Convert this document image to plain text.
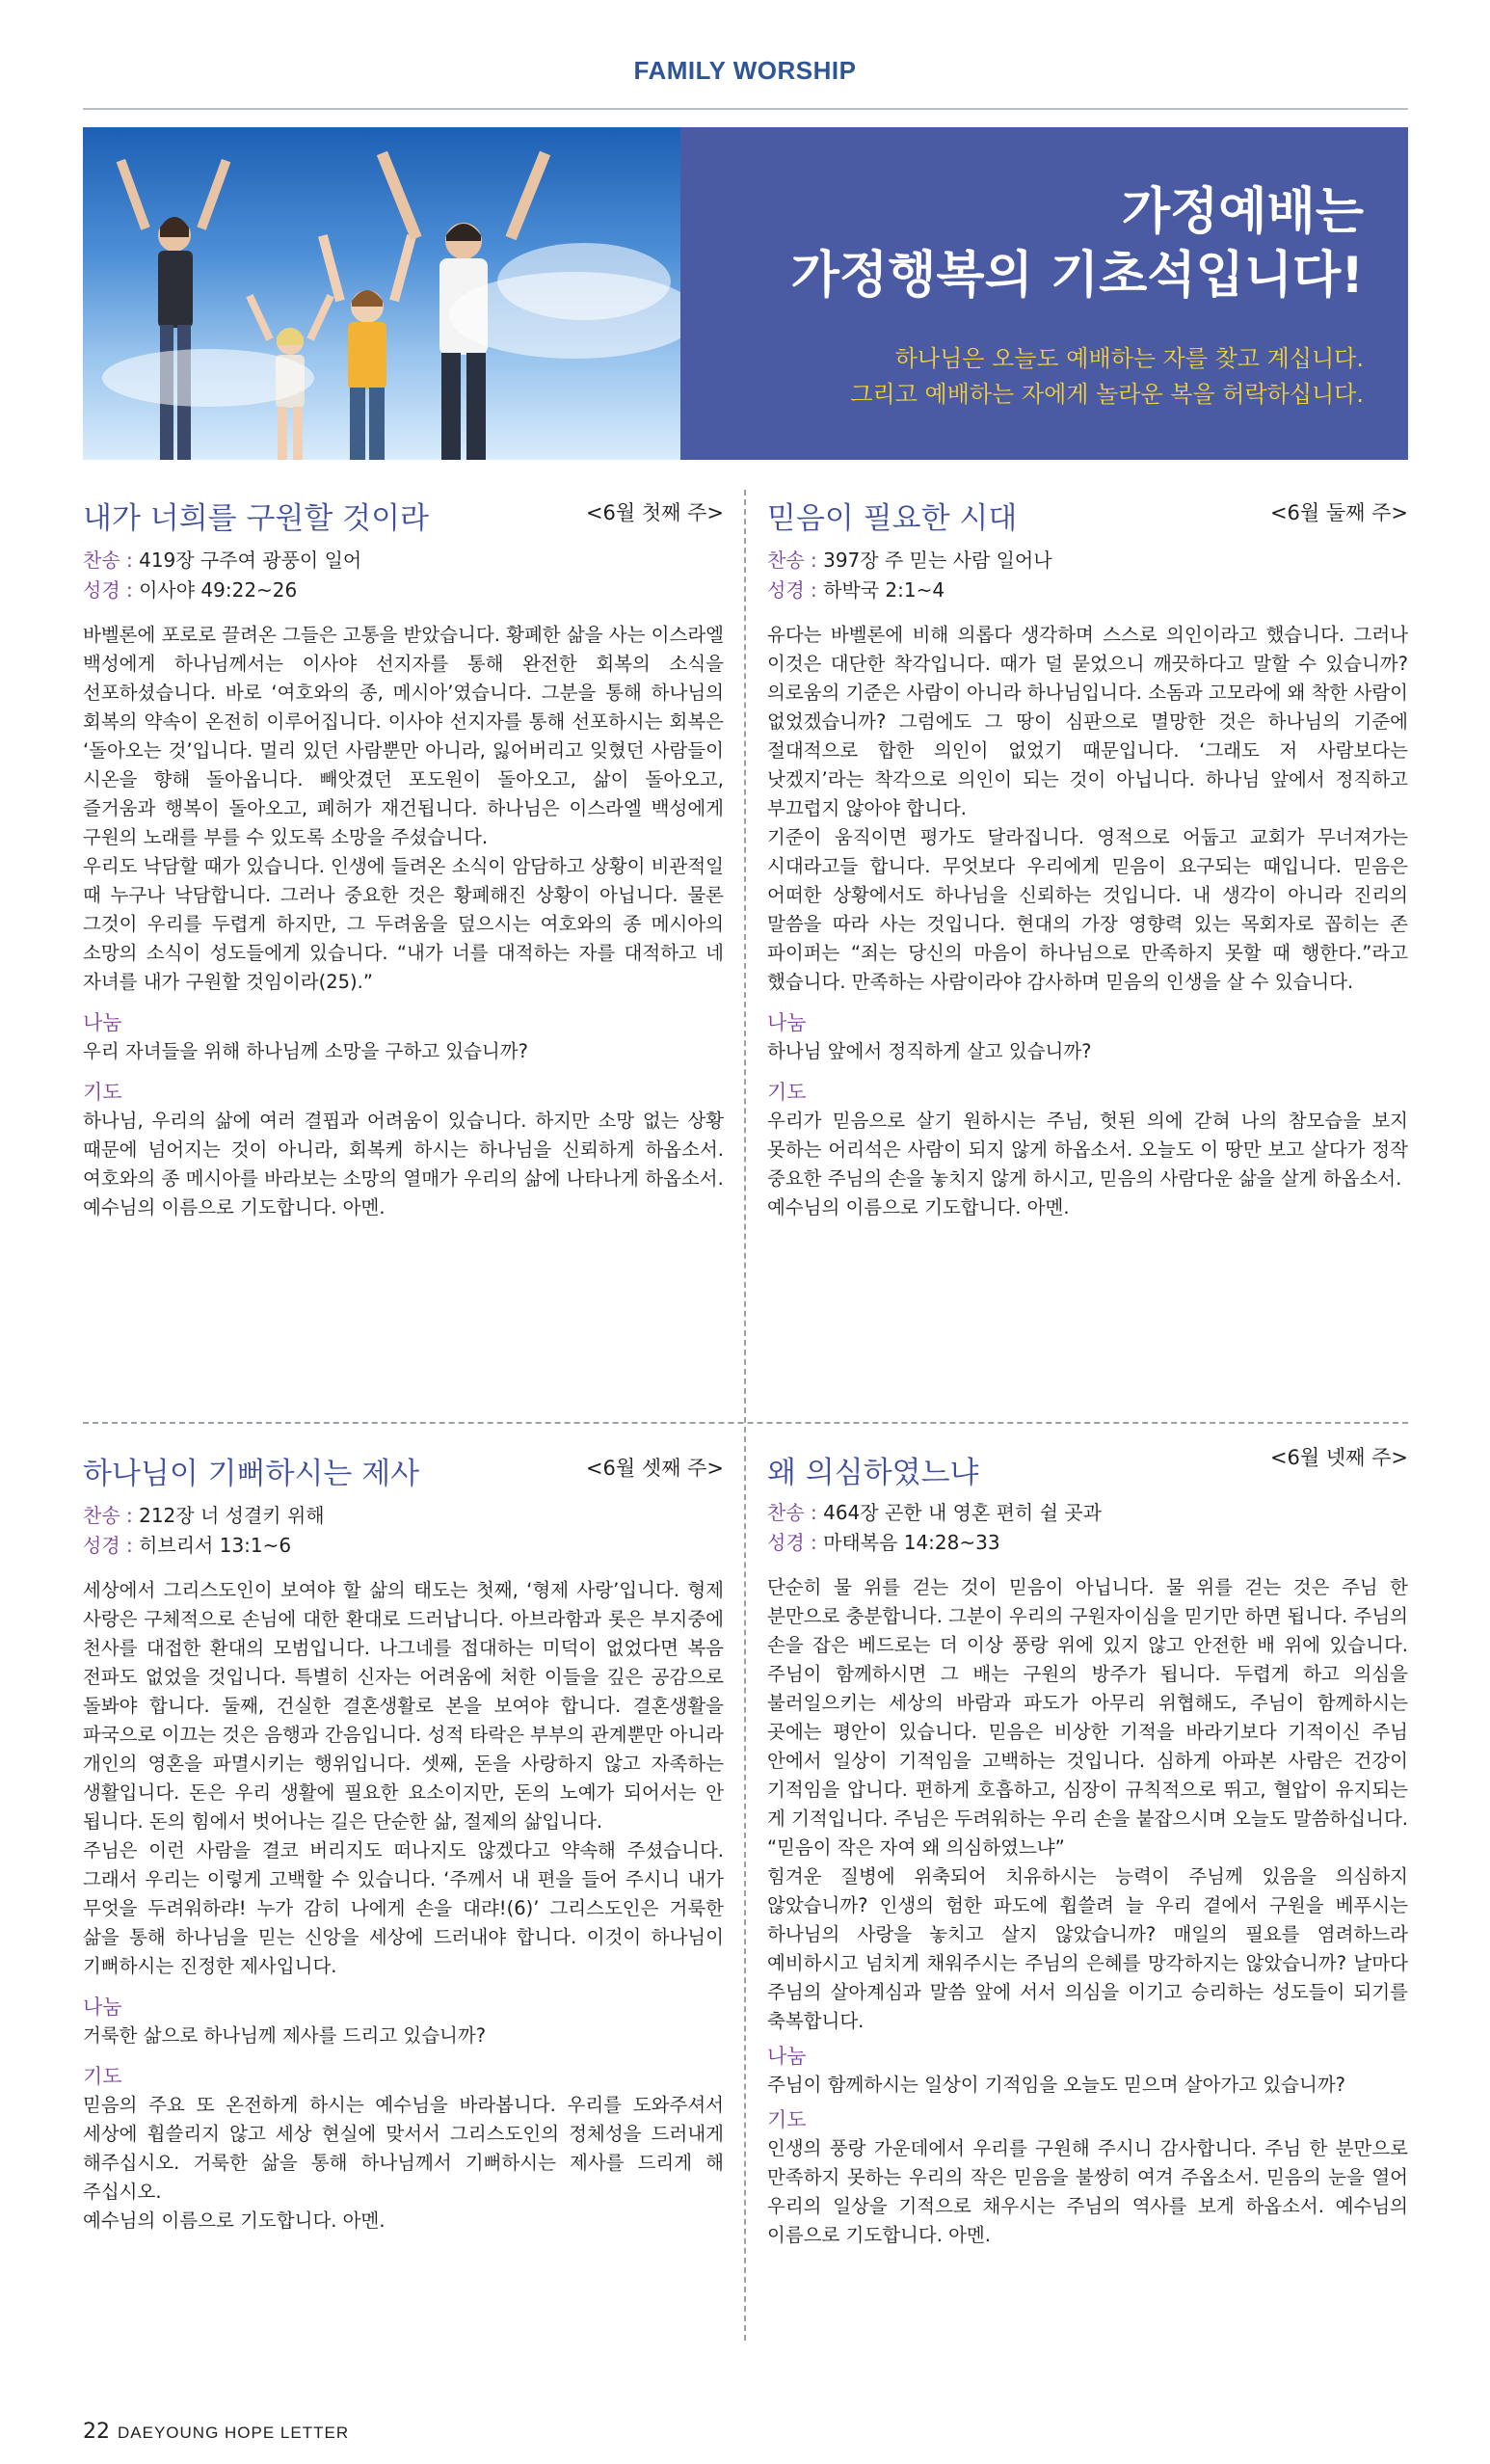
FAMILY WORSHIP
가정예배는
가정행복의 기초석입니다!
하나님은 오늘도 예배하는 자를 찾고 계십니다.
그리고 예배하는 자에게 놀라운 복을 허락하십니다.
내가 너희를 구원할 것이라	<6월 첫째 주>
찬송 : 419장 구주여 광풍이 일어
성경 : 이사야 49:22~26

바벨론에 포로로 끌려온 그들은 고통을 받았습니다. 황폐한 삶을 사는 이스라엘 백성에게 하나님께서는 이사야 선지자를 통해 완전한 회복의 소식을 선포하셨습니다. 바로 ‘여호와의 종, 메시아’였습니다. 그분을 통해 하나님의 회복의 약속이 온전히 이루어집니다. 이사야 선지자를 통해 선포하시는 회복은 ‘돌아오는 것’입니다. 멀리 있던 사람뿐만 아니라, 잃어버리고 잊혔던 사람들이 시온을 향해 돌아옵니다. 빼앗겼던 포도원이 돌아오고, 삶이 돌아오고, 즐거움과 행복이 돌아오고, 폐허가 재건됩니다. 하나님은 이스라엘 백성에게 구원의 노래를 부를 수 있도록 소망을 주셨습니다.

우리도 낙담할 때가 있습니다. 인생에 들려온 소식이 암담하고 상황이 비관적일 때 누구나 낙담합니다. 그러나 중요한 것은 황폐해진 상황이 아닙니다. 물론 그것이 우리를 두렵게 하지만, 그 두려움을 덮으시는 여호와의 종 메시아의 소망의 소식이 성도들에게 있습니다. “내가 너를 대적하는 자를 대적하고 네 자녀를 내가 구원할 것임이라(25).”

나눔
우리 자녀들을 위해 하나님께 소망을 구하고 있습니까?
기도
하나님, 우리의 삶에 여러 결핍과 어려움이 있습니다. 하지만 소망 없는 상황 때문에 넘어지는 것이 아니라, 회복케 하시는 하나님을 신뢰하게 하옵소서. 여호와의 종 메시아를 바라보는 소망의 열매가 우리의 삶에 나타나게 하옵소서.
예수님의 이름으로 기도합니다. 아멘.
믿음이 필요한 시대	<6월 둘째 주>
찬송 : 397장 주 믿는 사람 일어나
성경 : 하박국 2:1~4

유다는 바벨론에 비해 의롭다 생각하며 스스로 의인이라고 했습니다. 그러나 이것은 대단한 착각입니다. 때가 덜 묻었으니 깨끗하다고 말할 수 있습니까? 의로움의 기준은 사람이 아니라 하나님입니다. 소돔과 고모라에 왜 착한 사람이 없었겠습니까? 그럼에도 그 땅이 심판으로 멸망한 것은 하나님의 기준에 절대적으로 합한 의인이 없었기 때문입니다. ‘그래도 저 사람보다는 낫겠지’라는 착각으로 의인이 되는 것이 아닙니다. 하나님 앞에서 정직하고 부끄럽지 않아야 합니다.

기준이 움직이면 평가도 달라집니다. 영적으로 어둡고 교회가 무너져가는 시대라고들 합니다. 무엇보다 우리에게 믿음이 요구되는 때입니다. 믿음은 어떠한 상황에서도 하나님을 신뢰하는 것입니다. 내 생각이 아니라 진리의 말씀을 따라 사는 것입니다. 현대의 가장 영향력 있는 목회자로 꼽히는 존 파이퍼는 “죄는 당신의 마음이 하나님으로 만족하지 못할 때 행한다.”라고 했습니다. 만족하는 사람이라야 감사하며 믿음의 인생을 살 수 있습니다.

나눔
하나님 앞에서 정직하게 살고 있습니까?
기도
우리가 믿음으로 살기 원하시는 주님, 헛된 의에 갇혀 나의 참모습을 보지 못하는 어리석은 사람이 되지 않게 하옵소서. 오늘도 이 땅만 보고 살다가 정작 중요한 주님의 손을 놓치지 않게 하시고, 믿음의 사람다운 삶을 살게 하옵소서.
예수님의 이름으로 기도합니다. 아멘.
하나님이 기뻐하시는 제사	<6월 셋째 주>
찬송 : 212장 너 성결키 위해
성경 : 히브리서 13:1~6

세상에서 그리스도인이 보여야 할 삶의 태도는 첫째, ‘형제 사랑’입니다. 형제 사랑은 구체적으로 손님에 대한 환대로 드러납니다. 아브라함과 롯은 부지중에 천사를 대접한 환대의 모범입니다. 나그네를 접대하는 미덕이 없었다면 복음 전파도 없었을 것입니다. 특별히 신자는 어려움에 처한 이들을 깊은 공감으로 돌봐야 합니다. 둘째, 건실한 결혼생활로 본을 보여야 합니다. 결혼생활을 파국으로 이끄는 것은 음행과 간음입니다. 성적 타락은 부부의 관계뿐만 아니라 개인의 영혼을 파멸시키는 행위입니다. 셋째, 돈을 사랑하지 않고 자족하는 생활입니다. 돈은 우리 생활에 필요한 요소이지만, 돈의 노예가 되어서는 안 됩니다. 돈의 힘에서 벗어나는 길은 단순한 삶, 절제의 삶입니다.

주님은 이런 사람을 결코 버리지도 떠나지도 않겠다고 약속해 주셨습니다. 그래서 우리는 이렇게 고백할 수 있습니다. ‘주께서 내 편을 들어 주시니 내가 무엇을 두려워하랴! 누가 감히 나에게 손을 대랴!(6)’ 그리스도인은 거룩한 삶을 통해 하나님을 믿는 신앙을 세상에 드러내야 합니다. 이것이 하나님이 기뻐하시는 진정한 제사입니다.

나눔
거룩한 삶으로 하나님께 제사를 드리고 있습니까?
기도
믿음의 주요 또 온전하게 하시는 예수님을 바라봅니다. 우리를 도와주셔서 세상에 휩쓸리지 않고 세상 현실에 맞서서 그리스도인의 정체성을 드러내게 해주십시오. 거룩한 삶을 통해 하나님께서 기뻐하시는 제사를 드리게 해 주십시오.
예수님의 이름으로 기도합니다. 아멘.
왜 의심하였느냐	<6월 넷째 주>
찬송 : 464장 곤한 내 영혼 편히 쉴 곳과
성경 : 마태복음 14:28~33

단순히 물 위를 걷는 것이 믿음이 아닙니다. 물 위를 걷는 것은 주님 한 분만으로 충분합니다. 그분이 우리의 구원자이심을 믿기만 하면 됩니다. 주님의 손을 잡은 베드로는 더 이상 풍랑 위에 있지 않고 안전한 배 위에 있습니다. 주님이 함께하시면 그 배는 구원의 방주가 됩니다. 두렵게 하고 의심을 불러일으키는 세상의 바람과 파도가 아무리 위협해도, 주님이 함께하시는 곳에는 평안이 있습니다. 믿음은 비상한 기적을 바라기보다 기적이신 주님 안에서 일상이 기적임을 고백하는 것입니다. 심하게 아파본 사람은 건강이 기적임을 압니다. 편하게 호흡하고, 심장이 규칙적으로 뛰고, 혈압이 유지되는 게 기적입니다. 주님은 두려워하는 우리 손을 붙잡으시며 오늘도 말씀하십니다. “믿음이 작은 자여 왜 의심하였느냐”

힘겨운 질병에 위축되어 치유하시는 능력이 주님께 있음을 의심하지 않았습니까? 인생의 험한 파도에 휩쓸려 늘 우리 곁에서 구원을 베푸시는 하나님의 사랑을 놓치고 살지 않았습니까? 매일의 필요를 염려하느라 예비하시고 넘치게 채워주시는 주님의 은혜를 망각하지는 않았습니까? 날마다 주님의 살아계심과 말씀 앞에 서서 의심을 이기고 승리하는 성도들이 되기를 축복합니다.

나눔
주님이 함께하시는 일상이 기적임을 오늘도 믿으며 살아가고 있습니까?
기도
인생의 풍랑 가운데에서 우리를 구원해 주시니 감사합니다. 주님 한 분만으로 만족하지 못하는 우리의 작은 믿음을 불쌍히 여겨 주옵소서. 믿음의 눈을 열어 우리의 일상을 기적으로 채우시는 주님의 역사를 보게 하옵소서. 예수님의 이름으로 기도합니다. 아멘.
22 DAEYOUNG HOPE LETTER
